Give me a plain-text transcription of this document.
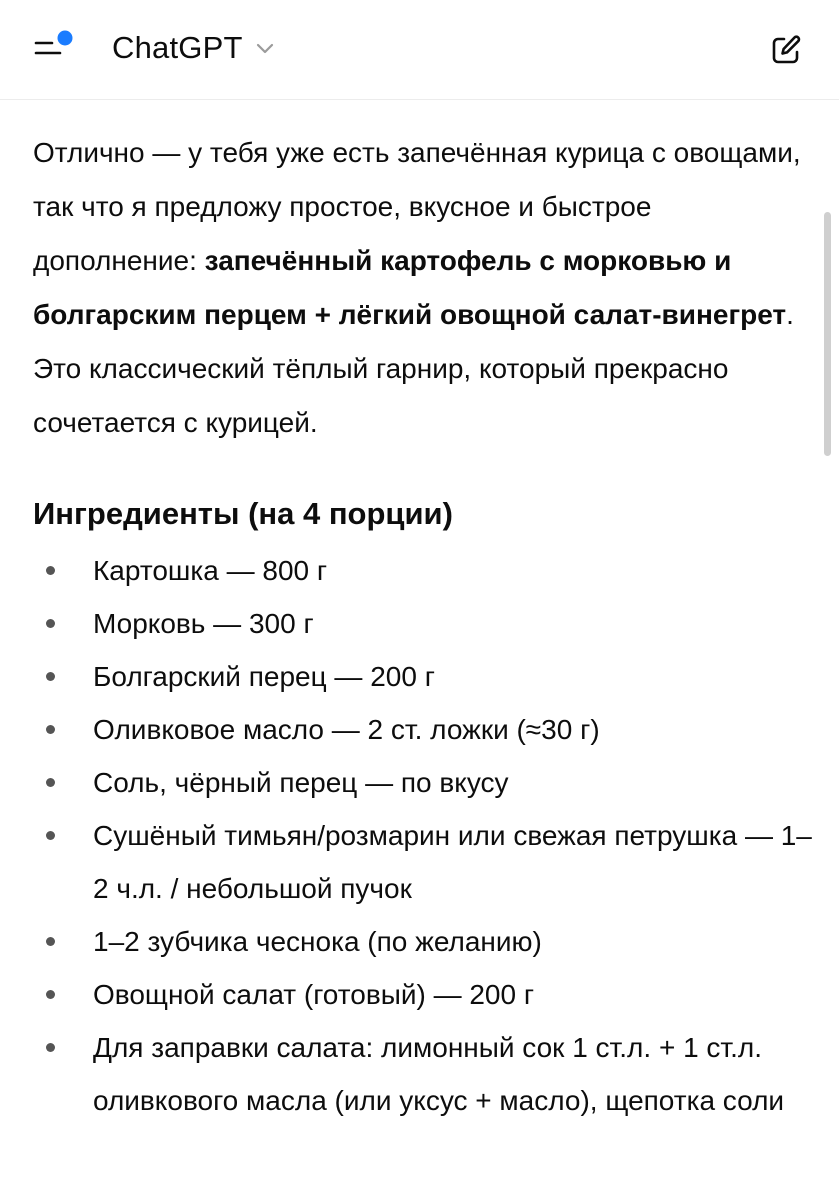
ChatGPT

Отлично — у тебя уже есть запечённая курица с овощами, так что я предложу простое, вкусное и быстрое дополнение: запечённый картофель с морковью и болгарским перцем + лёгкий овощной салат-винегрет. Это классический тёплый гарнир, который прекрасно сочетается с курицей.

Ингредиенты (на 4 порции)
Картошка — 800 г
Морковь — 300 г
Болгарский перец — 200 г
Оливковое масло — 2 ст. ложки (≈30 г)
Соль, чёрный перец — по вкусу
Сушёный тимьян/розмарин или свежая петрушка — 1–2 ч.л. / небольшой пучок
1–2 зубчика чеснока (по желанию)
Овощной салат (готовый) — 200 г
Для заправки салата: лимонный сок 1 ст.л. + 1 ст.л. оливкового масла (или уксус + масло), щепотка соли
